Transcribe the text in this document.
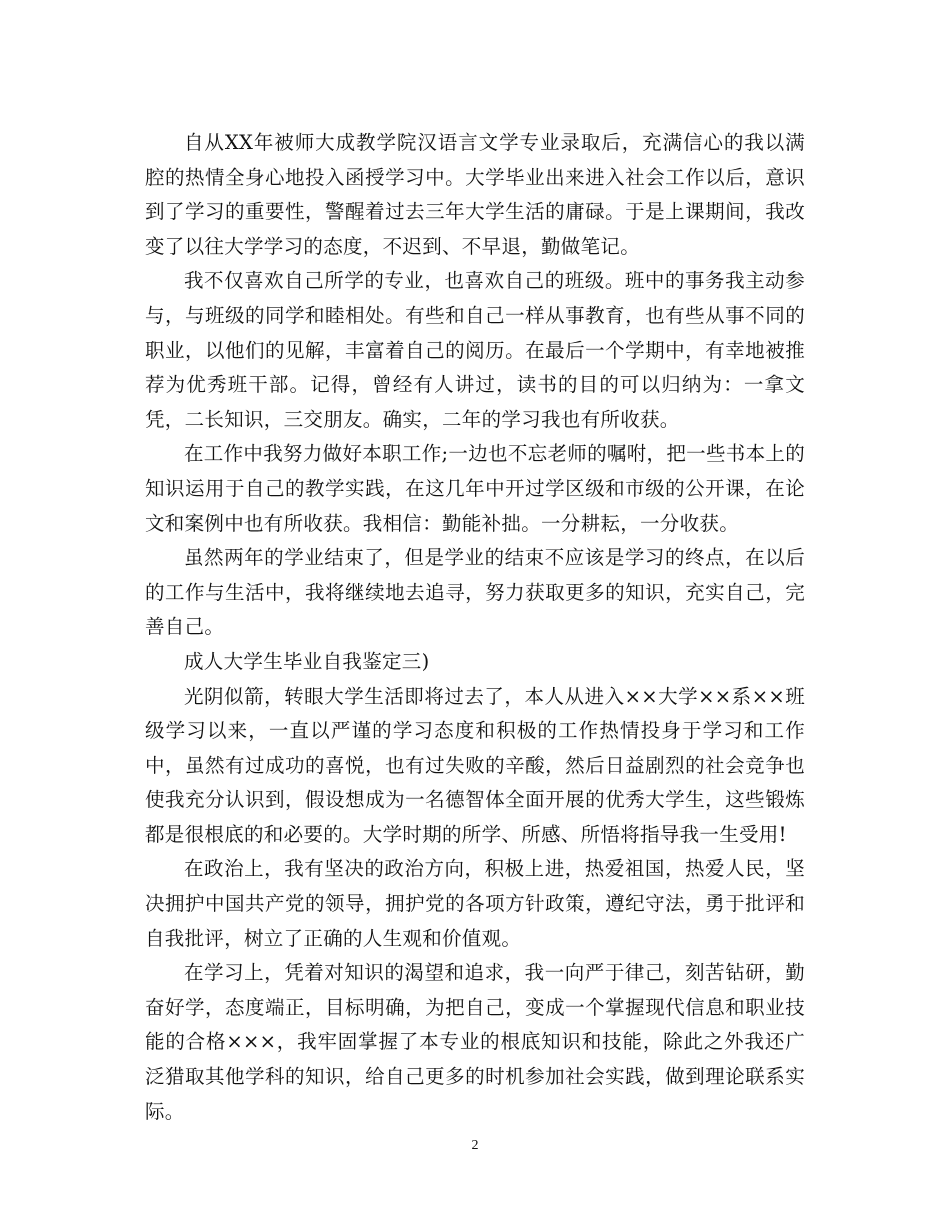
自从XX年被师大成教学院汉语言文学专业录取后，充满信心的我以满腔的热情全身心地投入函授学习中。大学毕业出来进入社会工作以后，意识到了学习的重要性，警醒着过去三年大学生活的庸碌。于是上课期间，我改变了以往大学学习的态度，不迟到、不早退，勤做笔记。

我不仅喜欢自己所学的专业，也喜欢自己的班级。班中的事务我主动参与，与班级的同学和睦相处。有些和自己一样从事教育，也有些从事不同的职业，以他们的见解，丰富着自己的阅历。在最后一个学期中，有幸地被推荐为优秀班干部。记得，曾经有人讲过，读书的目的可以归纳为：一拿文凭，二长知识，三交朋友。确实，二年的学习我也有所收获。

在工作中我努力做好本职工作;一边也不忘老师的嘱咐，把一些书本上的知识运用于自己的教学实践，在这几年中开过学区级和市级的公开课，在论文和案例中也有所收获。我相信：勤能补拙。一分耕耘，一分收获。

虽然两年的学业结束了，但是学业的结束不应该是学习的终点，在以后的工作与生活中，我将继续地去追寻，努力获取更多的知识，充实自己，完善自己。

成人大学生毕业自我鉴定三)

光阴似箭，转眼大学生活即将过去了，本人从进入××大学××系××班级学习以来，一直以严谨的学习态度和积极的工作热情投身于学习和工作中，虽然有过成功的喜悦，也有过失败的辛酸，然后日益剧烈的社会竞争也使我充分认识到，假设想成为一名德智体全面开展的优秀大学生，这些锻炼都是很根底的和必要的。大学时期的所学、所感、所悟将指导我一生受用!

在政治上，我有坚决的政治方向，积极上进，热爱祖国，热爱人民，坚决拥护中国共产党的领导，拥护党的各项方针政策，遵纪守法，勇于批评和自我批评，树立了正确的人生观和价值观。

在学习上，凭着对知识的渴望和追求，我一向严于律己，刻苦钻研，勤奋好学，态度端正，目标明确，为把自己，变成一个掌握现代信息和职业技能的合格×××，我牢固掌握了本专业的根底知识和技能，除此之外我还广泛猎取其他学科的知识，给自己更多的时机参加社会实践，做到理论联系实际。

2
